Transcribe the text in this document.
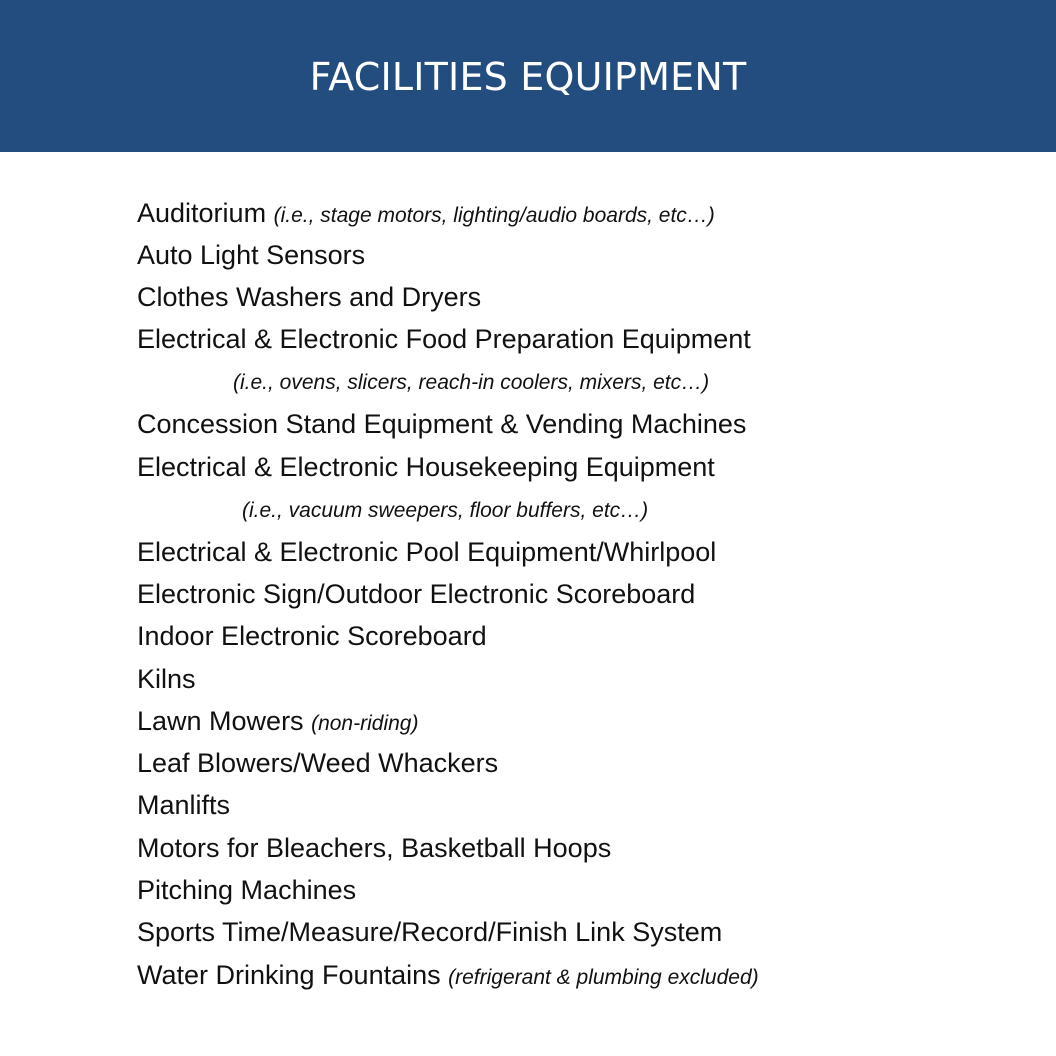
FACILITIES EQUIPMENT
Auditorium (i.e., stage motors, lighting/audio boards, etc…)
Auto Light Sensors
Clothes Washers and Dryers
Electrical & Electronic Food Preparation Equipment
(i.e., ovens, slicers, reach-in coolers, mixers, etc…)
Concession Stand Equipment & Vending Machines
Electrical & Electronic Housekeeping Equipment
(i.e., vacuum sweepers, floor buffers, etc…)
Electrical & Electronic Pool Equipment/Whirlpool
Electronic Sign/Outdoor Electronic Scoreboard
Indoor Electronic Scoreboard
Kilns
Lawn Mowers (non-riding)
Leaf Blowers/Weed Whackers
Manlifts
Motors for Bleachers, Basketball Hoops
Pitching Machines
Sports Time/Measure/Record/Finish Link System
Water Drinking Fountains (refrigerant & plumbing excluded)
